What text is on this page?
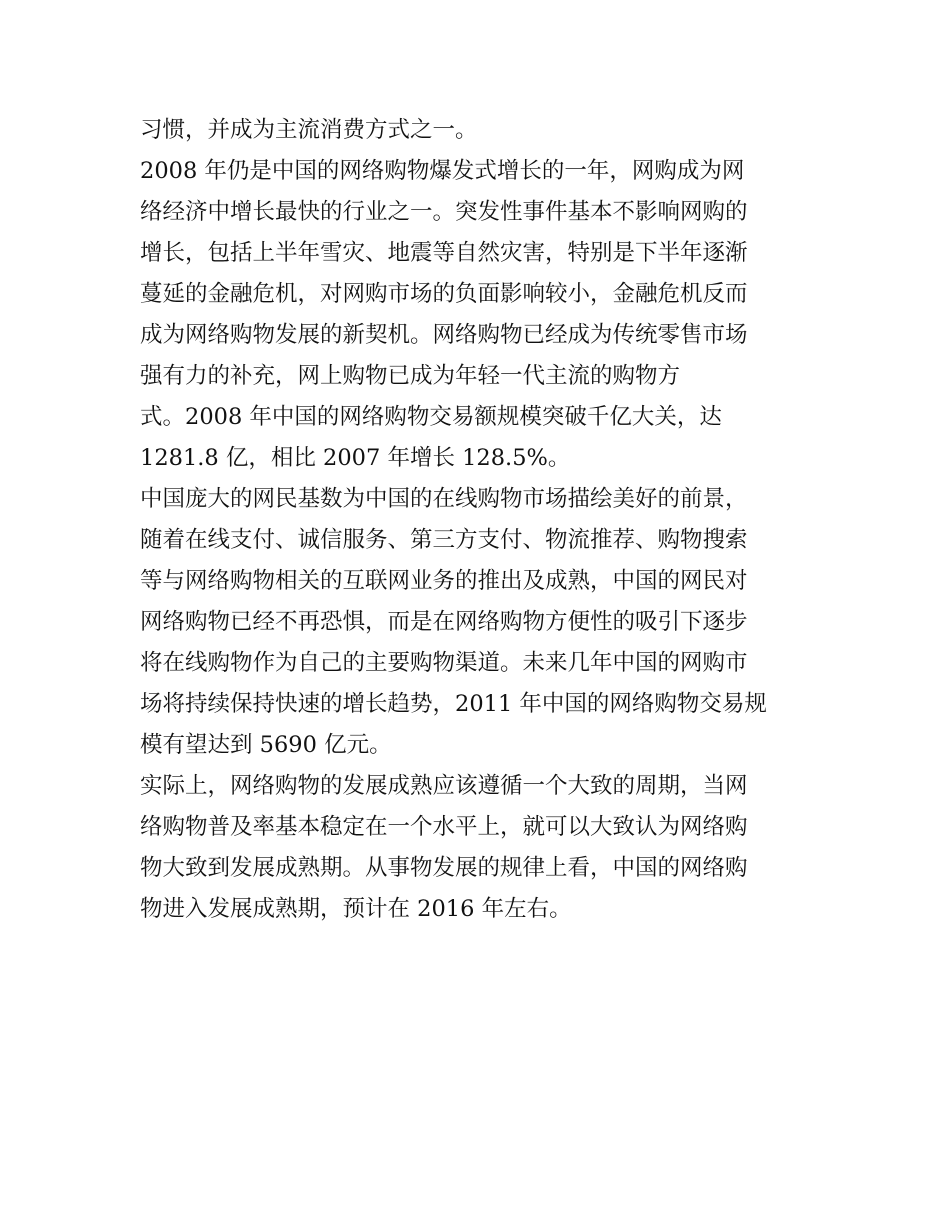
习惯，并成为主流消费方式之一。
2008 年仍是中国的网络购物爆发式增长的一年，网购成为网
络经济中增长最快的行业之一。突发性事件基本不影响网购的
增长，包括上半年雪灾、地震等自然灾害，特别是下半年逐渐
蔓延的金融危机，对网购市场的负面影响较小，金融危机反而
成为网络购物发展的新契机。网络购物已经成为传统零售市场
强有力的补充，网上购物已成为年轻一代主流的购物方
式。2008 年中国的网络购物交易额规模突破千亿大关，达
1281.8 亿，相比 2007 年增长 128.5%。
中国庞大的网民基数为中国的在线购物市场描绘美好的前景，
随着在线支付、诚信服务、第三方支付、物流推荐、购物搜索
等与网络购物相关的互联网业务的推出及成熟，中国的网民对
网络购物已经不再恐惧，而是在网络购物方便性的吸引下逐步
将在线购物作为自己的主要购物渠道。未来几年中国的网购市
场将持续保持快速的增长趋势，2011 年中国的网络购物交易规
模有望达到 5690 亿元。
实际上，网络购物的发展成熟应该遵循一个大致的周期，当网
络购物普及率基本稳定在一个水平上，就可以大致认为网络购
物大致到发展成熟期。从事物发展的规律上看，中国的网络购
物进入发展成熟期，预计在 2016 年左右。
